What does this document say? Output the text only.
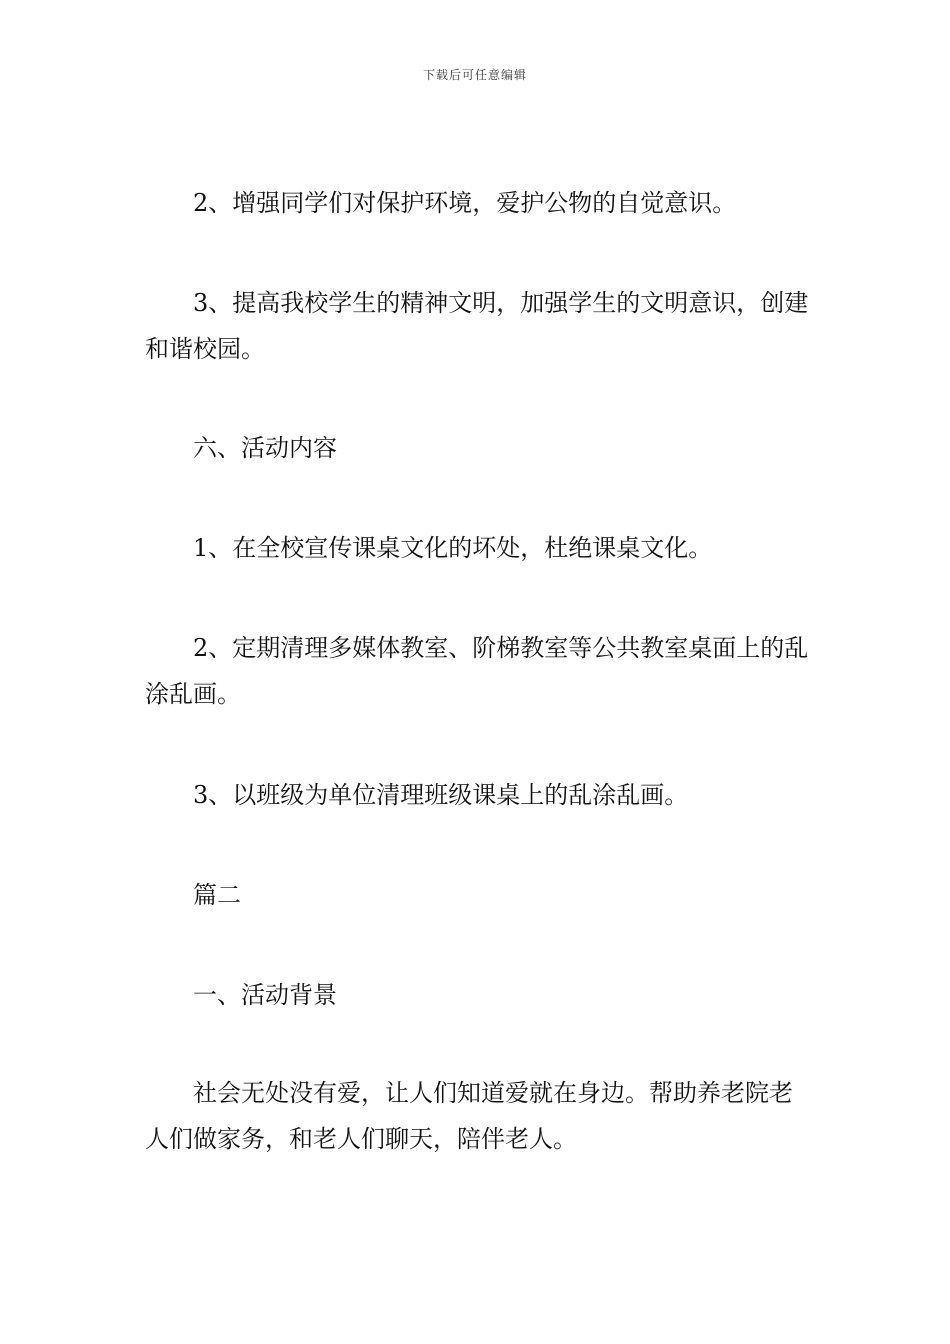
下载后可任意编辑

2、增强同学们对保护环境，爱护公物的自觉意识。

3、提高我校学生的精神文明，加强学生的文明意识，创建和谐校园。

六、活动内容

1、在全校宣传课桌文化的坏处，杜绝课桌文化。

2、定期清理多媒体教室、阶梯教室等公共教室桌面上的乱涂乱画。

3、以班级为单位清理班级课桌上的乱涂乱画。

篇二

一、活动背景

社会无处没有爱，让人们知道爱就在身边。帮助养老院老人们做家务，和老人们聊天，陪伴老人。
